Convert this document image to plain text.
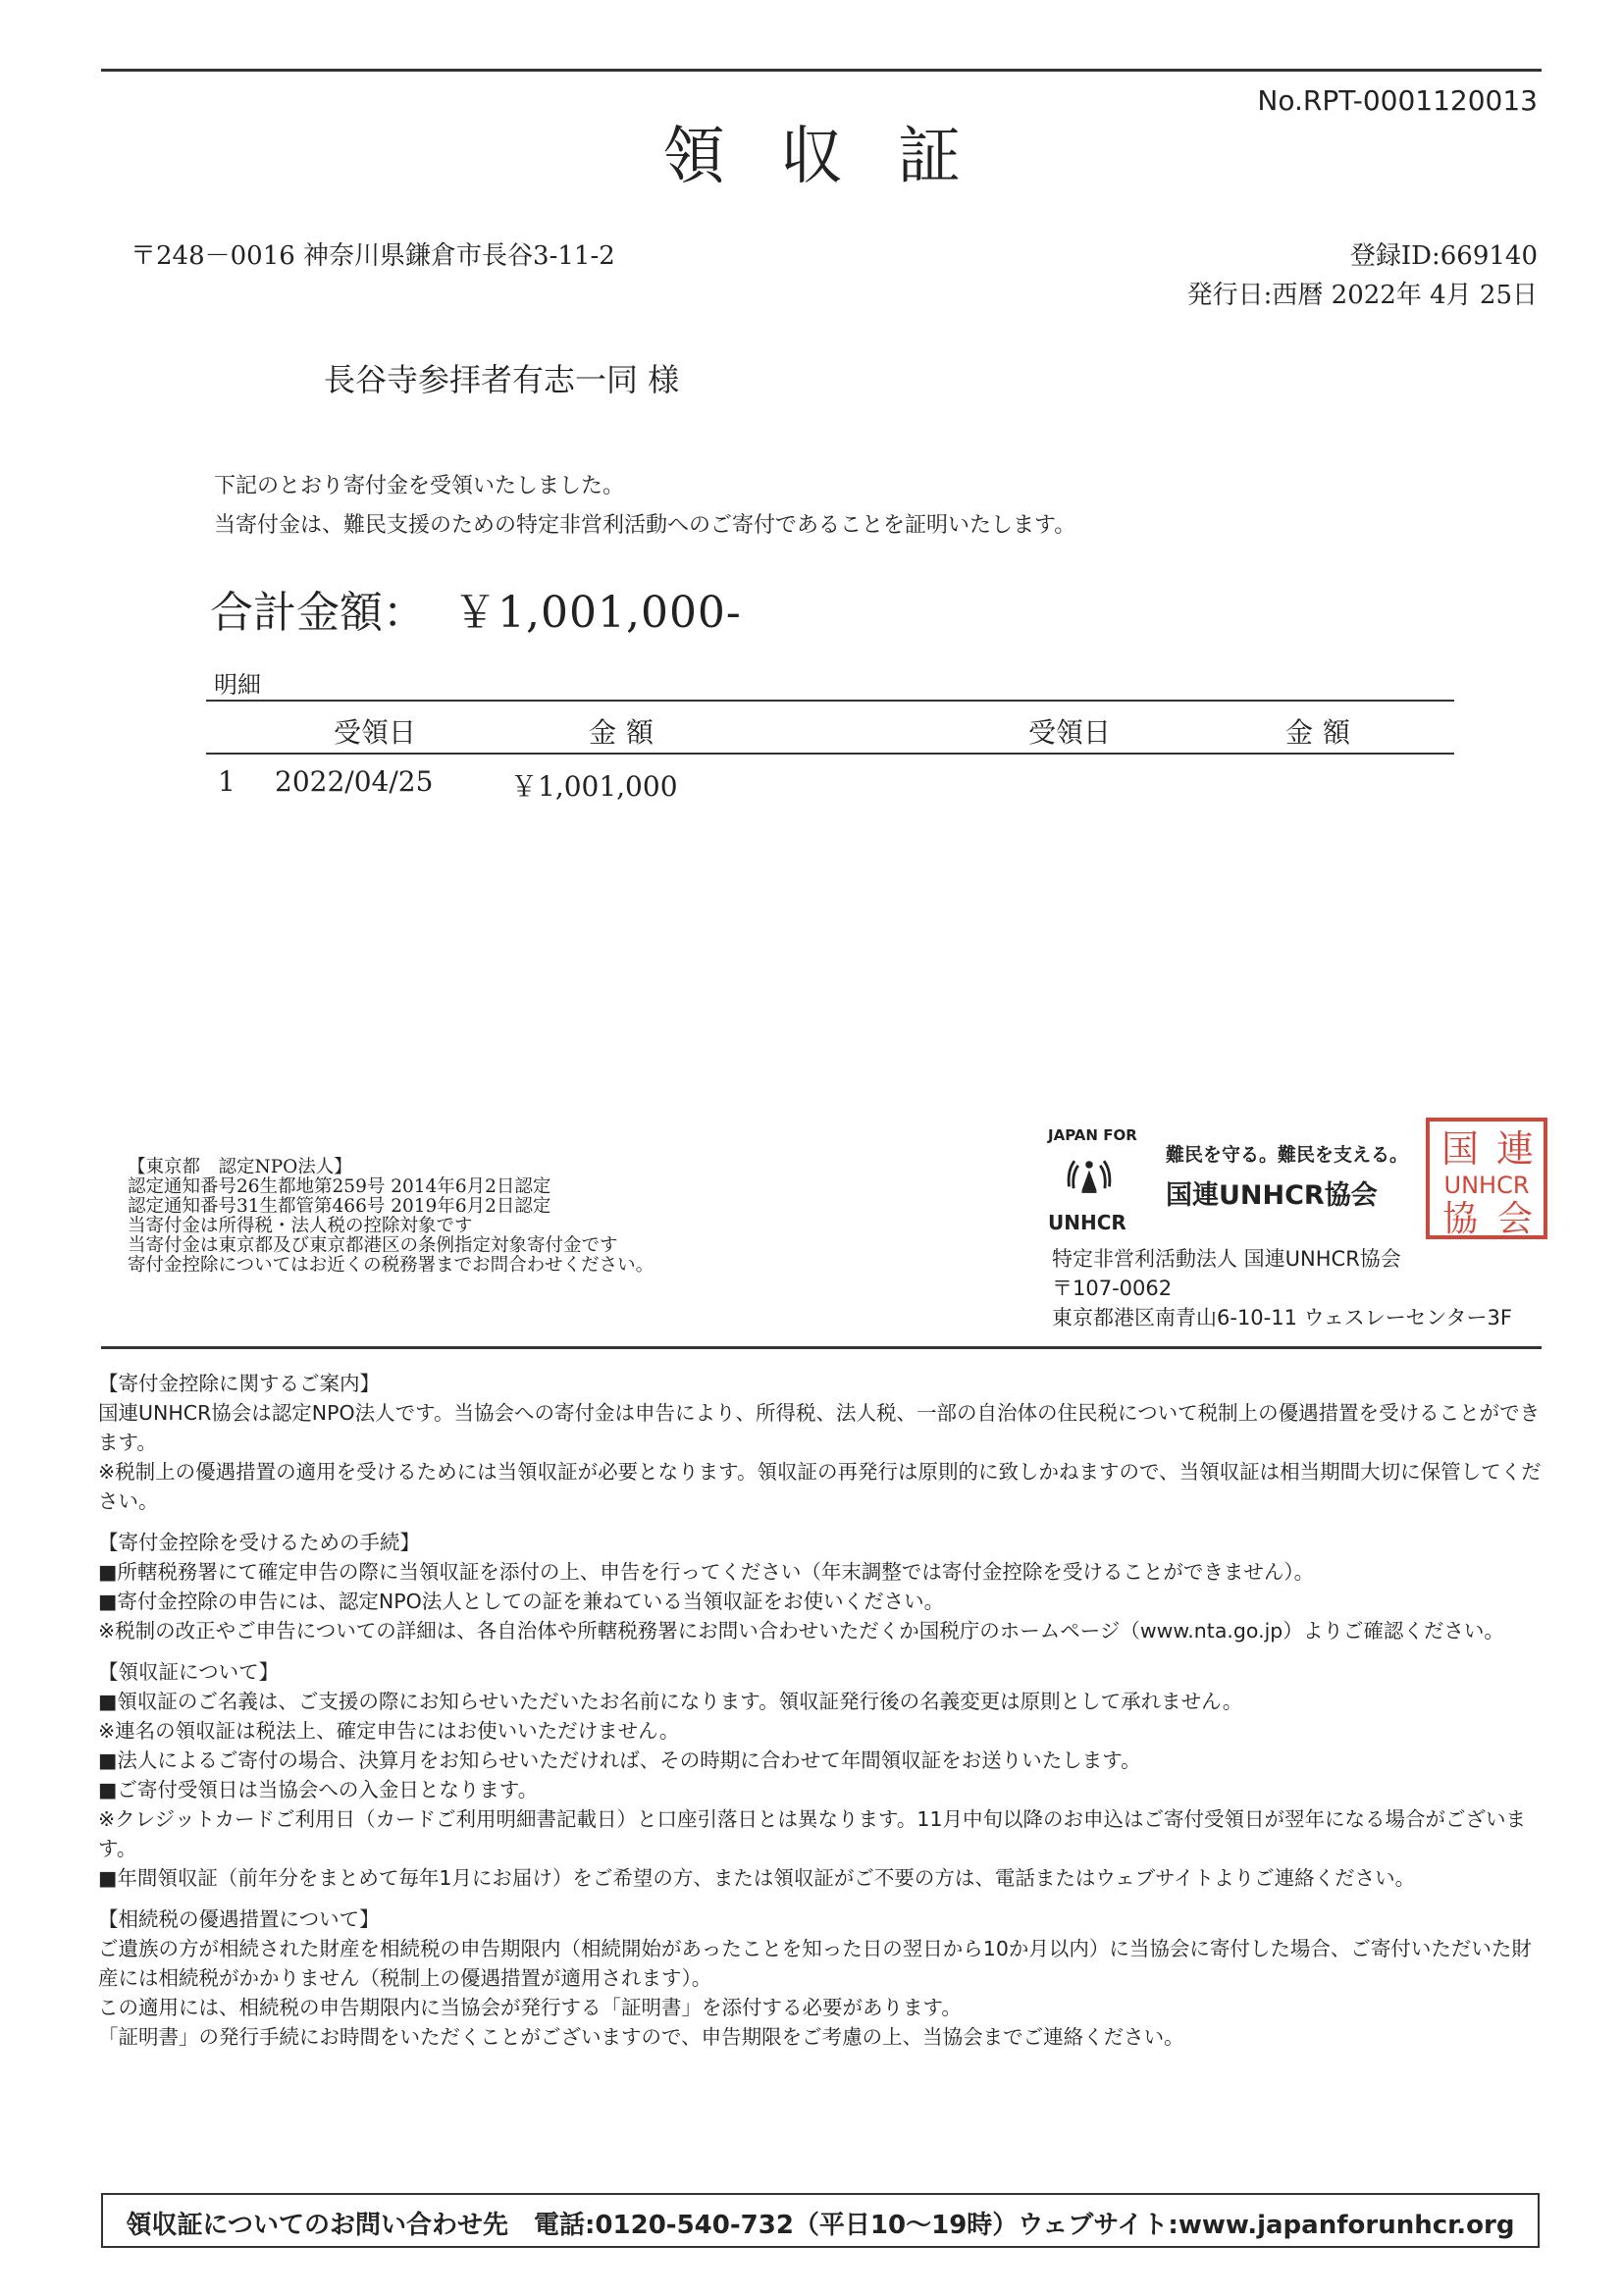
No.RPT-0001120013
領収証
〒248－0016 神奈川県鎌倉市長谷3-11-2	登録ID:669140
発行日:西暦 2022年 4月 25日
長谷寺参拝者有志一同 様
下記のとおり寄付金を受領いたしました。
当寄付金は、難民支援のための特定非営利活動へのご寄付であることを証明いたします。
合計金額： ￥1,001,000-
明細
受領日	金額	受領日	金額
1 2022/04/25	￥1,001,000
【東京都　認定NPO法人】
認定通知番号26生都地第259号 2014年6月2日認定
認定通知番号31生都管第466号 2019年6月2日認定
当寄付金は所得税・法人税の控除対象です
当寄付金は東京都及び東京都港区の条例指定対象寄付金です
寄付金控除についてはお近くの税務署までお問合わせください。
JAPAN FOR
UNHCR
難民を守る。難民を支える。
国連UNHCR協会
国 連
UNHCR
協 会
特定非営利活動法人 国連UNHCR協会
〒107-0062
東京都港区南青山6-10-11 ウェスレーセンター3F
【寄付金控除に関するご案内】
国連UNHCR協会は認定NPO法人です。当協会への寄付金は申告により、所得税、法人税、一部の自治体の住民税について税制上の優遇措置を受けることができます。
※税制上の優遇措置の適用を受けるためには当領収証が必要となります。領収証の再発行は原則的に致しかねますので、当領収証は相当期間大切に保管してください。
【寄付金控除を受けるための手続】
■所轄税務署にて確定申告の際に当領収証を添付の上、申告を行ってください（年末調整では寄付金控除を受けることができません）。
■寄付金控除の申告には、認定NPO法人としての証を兼ねている当領収証をお使いください。
※税制の改正やご申告についての詳細は、各自治体や所轄税務署にお問い合わせいただくか国税庁のホームページ（www.nta.go.jp）よりご確認ください。
【領収証について】
■領収証のご名義は、ご支援の際にお知らせいただいたお名前になります。領収証発行後の名義変更は原則として承れません。
※連名の領収証は税法上、確定申告にはお使いいただけません。
■法人によるご寄付の場合、決算月をお知らせいただければ、その時期に合わせて年間領収証をお送りいたします。
■ご寄付受領日は当協会への入金日となります。
※クレジットカードご利用日（カードご利用明細書記載日）と口座引落日とは異なります。11月中旬以降のお申込はご寄付受領日が翌年になる場合がございます。
■年間領収証（前年分をまとめて毎年1月にお届け）をご希望の方、または領収証がご不要の方は、電話またはウェブサイトよりご連絡ください。
【相続税の優遇措置について】
ご遺族の方が相続された財産を相続税の申告期限内（相続開始があったことを知った日の翌日から10か月以内）に当協会に寄付した場合、ご寄付いただいた財産には相続税がかかりません（税制上の優遇措置が適用されます）。
この適用には、相続税の申告期限内に当協会が発行する「証明書」を添付する必要があります。
「証明書」の発行手続にお時間をいただくことがございますので、申告期限をご考慮の上、当協会までご連絡ください。
領収証についてのお問い合わせ先　電話:0120-540-732（平日10～19時）ウェブサイト:www.japanforunhcr.org
